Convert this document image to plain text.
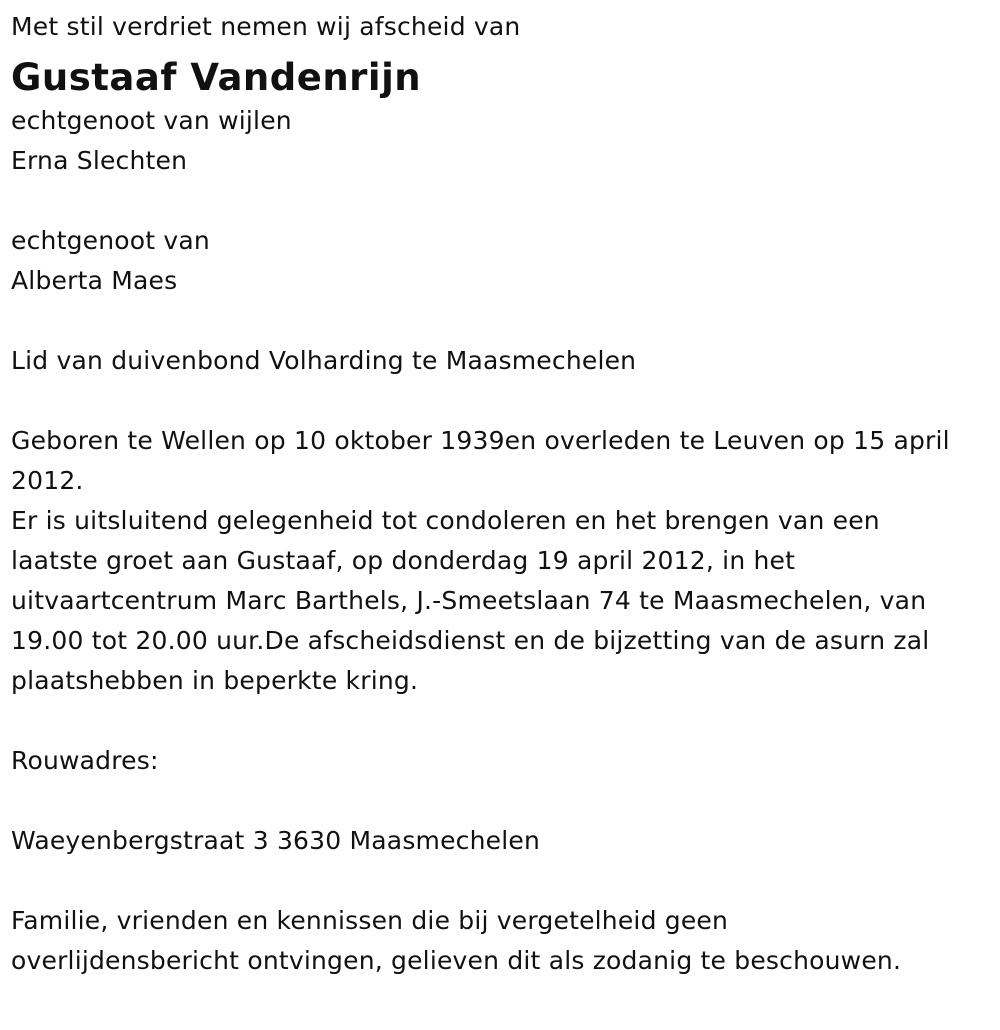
Met stil verdriet nemen wij afscheid van
Gustaaf Vandenrijn
echtgenoot van wijlen
Erna Slechten
echtgenoot van
Alberta Maes
Lid van duivenbond Volharding te Maasmechelen
Geboren te Wellen op 10 oktober 1939en overleden te Leuven op 15 april
2012.
Er is uitsluitend gelegenheid tot condoleren en het brengen van een
laatste groet aan Gustaaf, op donderdag 19 april 2012, in het
uitvaartcentrum Marc Barthels, J.-Smeetslaan 74 te Maasmechelen, van
19.00 tot 20.00 uur.De afscheidsdienst en de bijzetting van de asurn zal
plaatshebben in beperkte kring.
Rouwadres:
Waeyenbergstraat 3 3630 Maasmechelen
Familie, vrienden en kennissen die bij vergetelheid geen
overlijdensbericht ontvingen, gelieven dit als zodanig te beschouwen.
